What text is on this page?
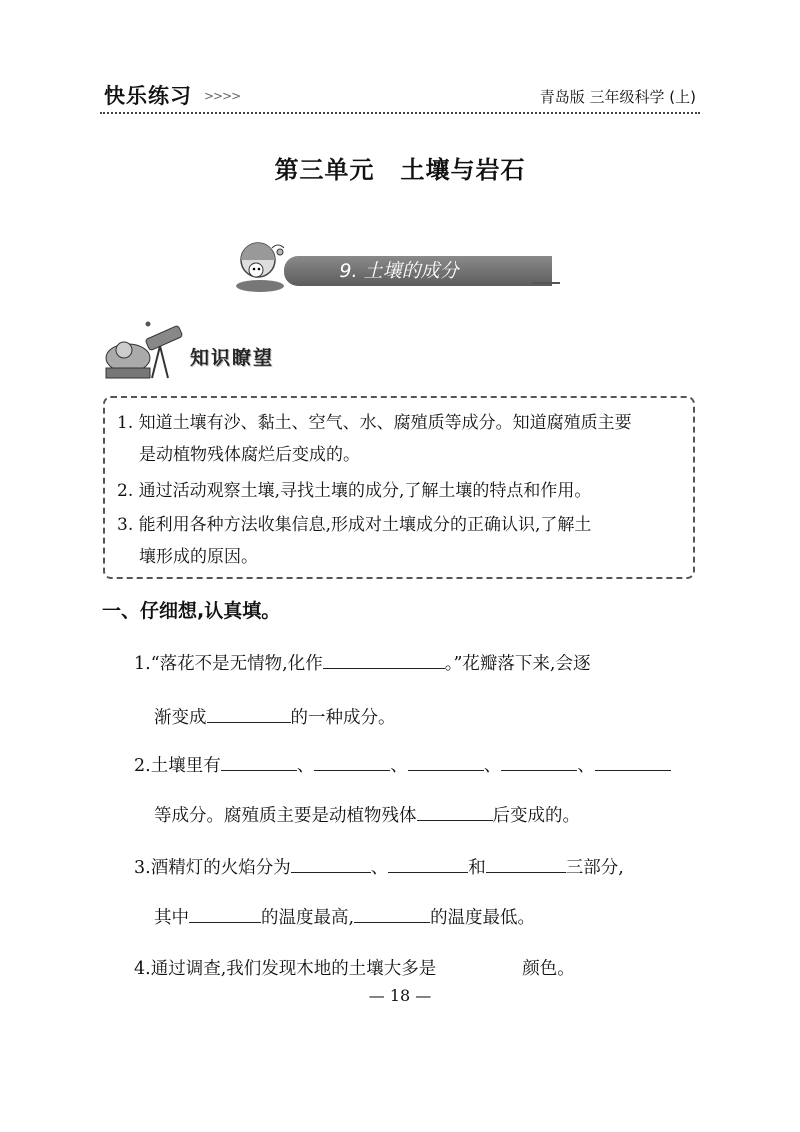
快乐练习 >>>>	青岛版 三年级科学 (上)
第三单元 土壤与岩石
9. 土壤的成分
知识瞭望

1. 知道土壤有沙、黏土、空气、水、腐殖质等成分。知道腐殖质主要

是动植物残体腐烂后变成的。

2. 通过活动观察土壤,寻找土壤的成分,了解土壤的特点和作用。

3. 能利用各种方法收集信息,形成对土壤成分的正确认识,了解土

壤形成的原因。

一、仔细想,认真填。
1.“落花不是无情物,化作	。”花瓣落下来,会逐
渐变成	的一种成分。
2.土壤里有	、	、	、	、
等成分。腐殖质主要是动植物残体	后变成的。
3.酒精灯的火焰分为	、	和	三部分,
其中	的温度最高,	的温度最低。
4.通过调查,我们发现木地的土壤大多是	颜色。
— 18 —
